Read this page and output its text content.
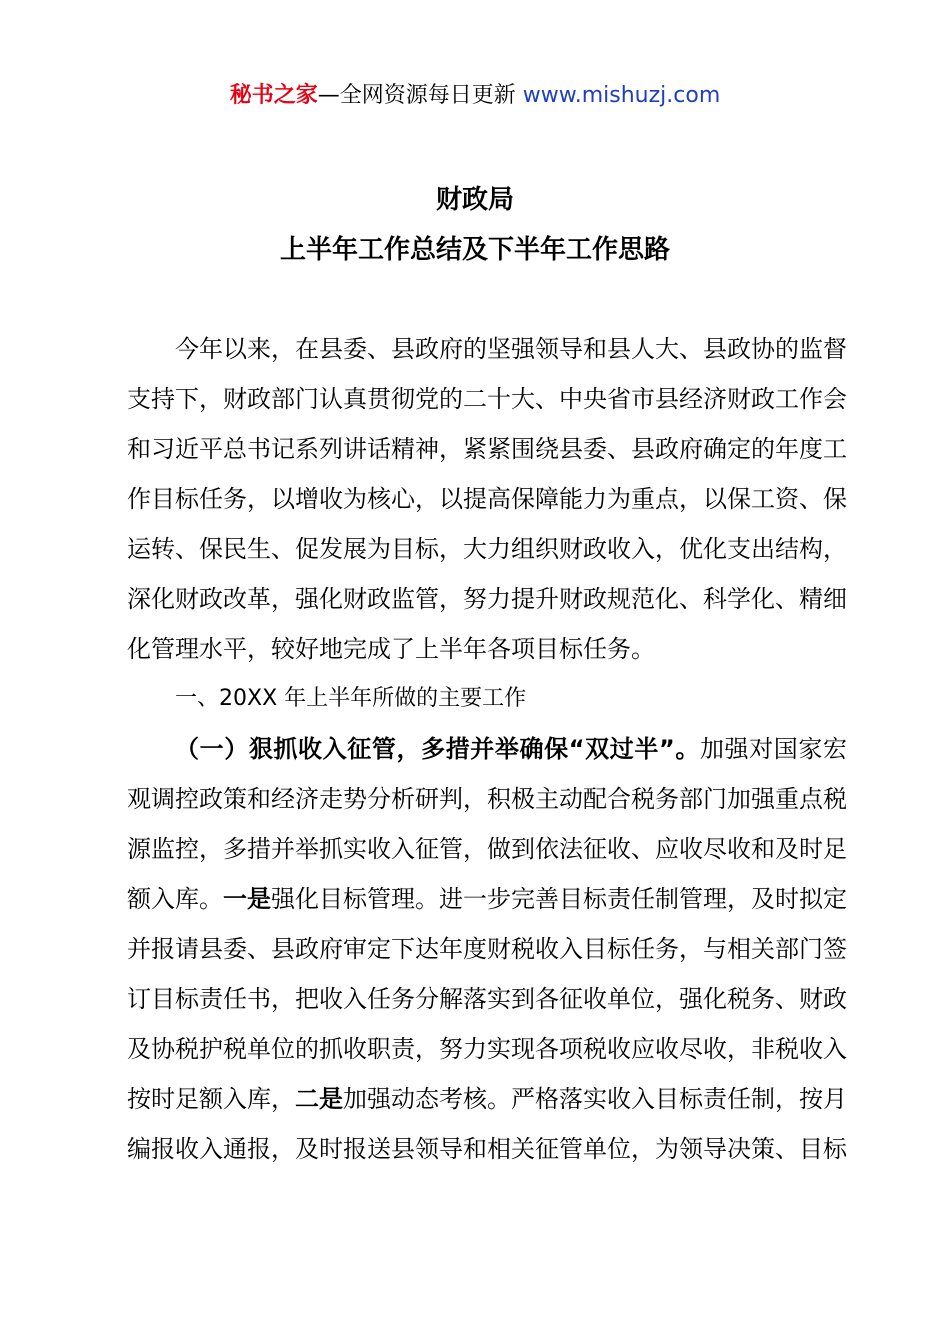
秘书之家—全网资源每日更新 www.mishuzj.com
财政局
上半年工作总结及下半年工作思路
今年以来，在县委、县政府的坚强领导和县人大、县政协的监督支持下，财政部门认真贯彻党的二十大、中央省市县经济财政工作会和习近平总书记系列讲话精神，紧紧围绕县委、县政府确定的年度工作目标任务，以增收为核心，以提高保障能力为重点，以保工资、保运转、保民生、促发展为目标，大力组织财政收入，优化支出结构，深化财政改革，强化财政监管，努力提升财政规范化、科学化、精细化管理水平，较好地完成了上半年各项目标任务。
一、20XX 年上半年所做的主要工作
（一）狠抓收入征管，多措并举确保“双过半”。加强对国家宏观调控政策和经济走势分析研判，积极主动配合税务部门加强重点税源监控，多措并举抓实收入征管，做到依法征收、应收尽收和及时足额入库。一是强化目标管理。进一步完善目标责任制管理，及时拟定并报请县委、县政府审定下达年度财税收入目标任务，与相关部门签订目标责任书，把收入任务分解落实到各征收单位，强化税务、财政及协税护税单位的抓收职责，努力实现各项税收应收尽收，非税收入按时足额入库，二是加强动态考核。严格落实收入目标责任制，按月编报收入通报，及时报送县领导和相关征管单位，为领导决策、目标
